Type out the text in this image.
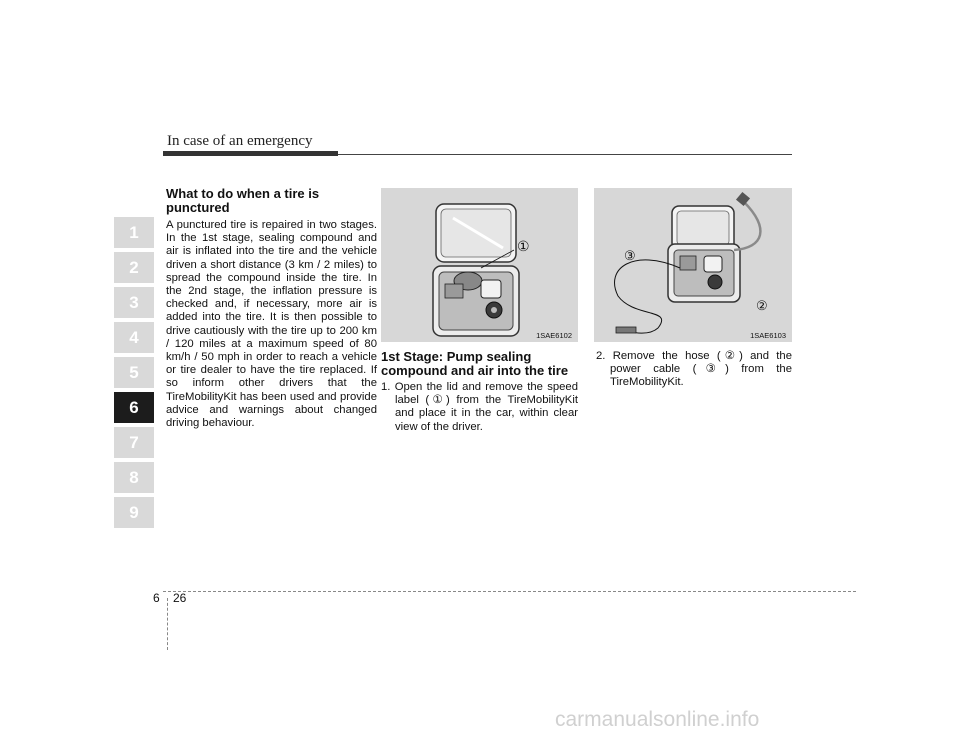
In case of an emergency
1
2
3
4
5
6
7
8
9

What to do when a tire is punctured

A punctured tire is repaired in two stages. In the 1st stage, sealing compound and air is inflated into the tire and the vehicle driven a short distance (3 km / 2 miles) to spread the compound inside the tire. In the 2nd stage, the inflation pressure is checked and, if necessary, more air is added into the tire. It is then possible to drive cautiously with the tire up to 200 km / 120 miles at a maximum speed of 80 km/h / 50 mph in order to reach a vehicle or tire dealer to have the tire replaced. If so inform other drivers that the TireMobilityKit has been used and provide advice and warnings about changed driving behaviour.

①
1SAE6102
③
②
1SAE6103

1st Stage: Pump sealing compound and air into the tire

1. Open the lid and remove the speed label (①) from the TireMobilityKit and place it in the car, within clear view of the driver.

2. Remove the hose (②) and the power cable (③) from the TireMobilityKit.

6 26
carmanualsonline.info
